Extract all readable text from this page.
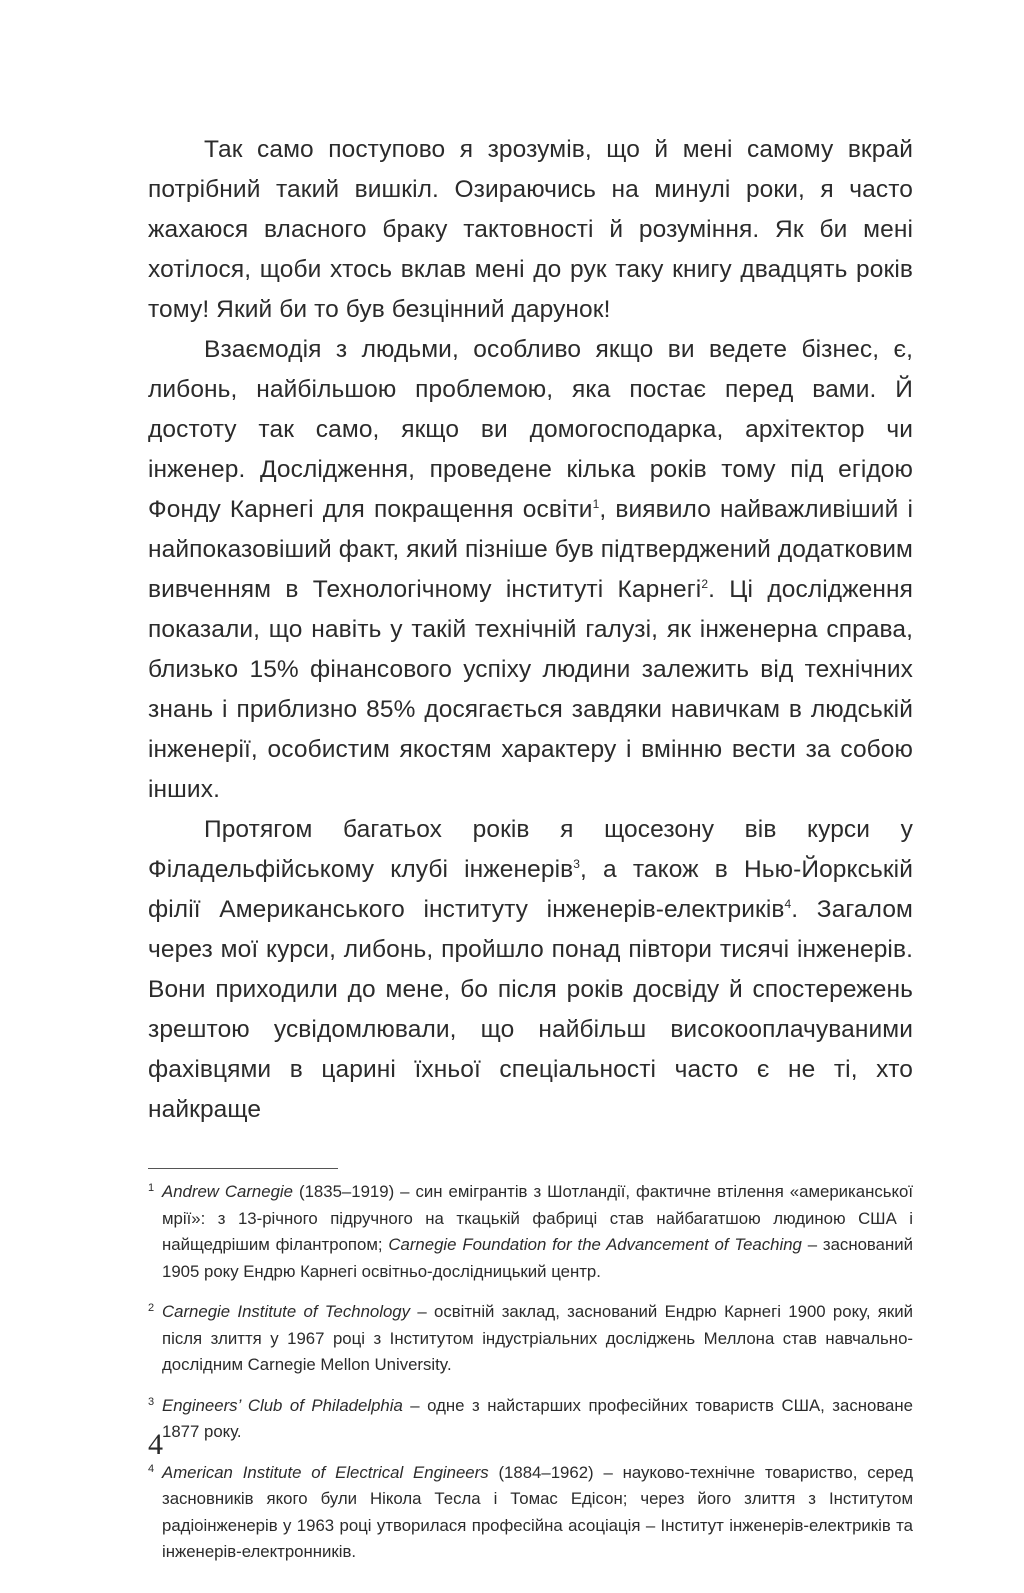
Так само поступово я зрозумів, що й мені самому вкрай потрібний такий вишкіл. Озираючись на минулі роки, я часто жахаюся власного браку тактовності й розуміння. Як би мені хотілося, щоби хтось вклав мені до рук таку книгу двадцять років тому! Який би то був безцінний дарунок!

Взаємодія з людьми, особливо якщо ви ведете бізнес, є, либонь, найбільшою проблемою, яка постає перед вами. Й достоту так само, якщо ви домогосподарка, архітектор чи інженер. Дослідження, проведене кілька років тому під егідою Фонду Карнегі для покращення освіти$^1$, виявило найважливіший і найпоказовіший факт, який пізніше був підтверджений додатковим вивченням в Технологічному інституті Карнегі$^2$. Ці дослідження показали, що навіть у такій технічній галузі, як інженерна справа, близько 15% фінансового успіху людини залежить від технічних знань і приблизно 85% досягається завдяки навичкам в людській інженерії, особистим якостям характеру і вмінню вести за собою інших.

Протягом багатьох років я щосезону вів курси у Філадельфійському клубі інженерів$^3$, а також в Нью-Йоркській філії Американського інституту інженерів-електриків$^4$. Загалом через мої курси, либонь, пройшло понад півтори тисячі інженерів. Вони приходили до мене, бо після років досвіду й спостережень зрештою усвідомлювали, що найбільш високооплачуваними фахівцями в царині їхньої спеціальності часто є не ті, хто найкраще

1 Andrew Carnegie (1835–1919) – син емігрантів з Шотландії, фактичне втілення «американської мрії»: з 13-річного підручного на ткацькій фабриці став найбагатшою людиною США і найщедрішим філантропом; Carnegie Foundation for the Advancement of Teaching – заснований 1905 року Ендрю Карнегі освітньо-дослідницький центр.

2 Carnegie Institute of Technology – освітній заклад, заснований Ендрю Карнегі 1900 року, який після злиття у 1967 році з Інститутом індустріальних досліджень Меллона став навчально-дослідним Carnegie Mellon University.

3 Engineers’ Club of Philadelphia – одне з найстарших професійних товариств США, засноване 1877 року.

4 American Institute of Electrical Engineers (1884–1962) – науково-технічне товариство, серед засновників якого були Нікола Тесла і Томас Едісон; через його злиття з Інститутом радіоінженерів у 1963 році утворилася професійна асоціація – Інститут інженерів-електриків та інженерів-електронників.

4
